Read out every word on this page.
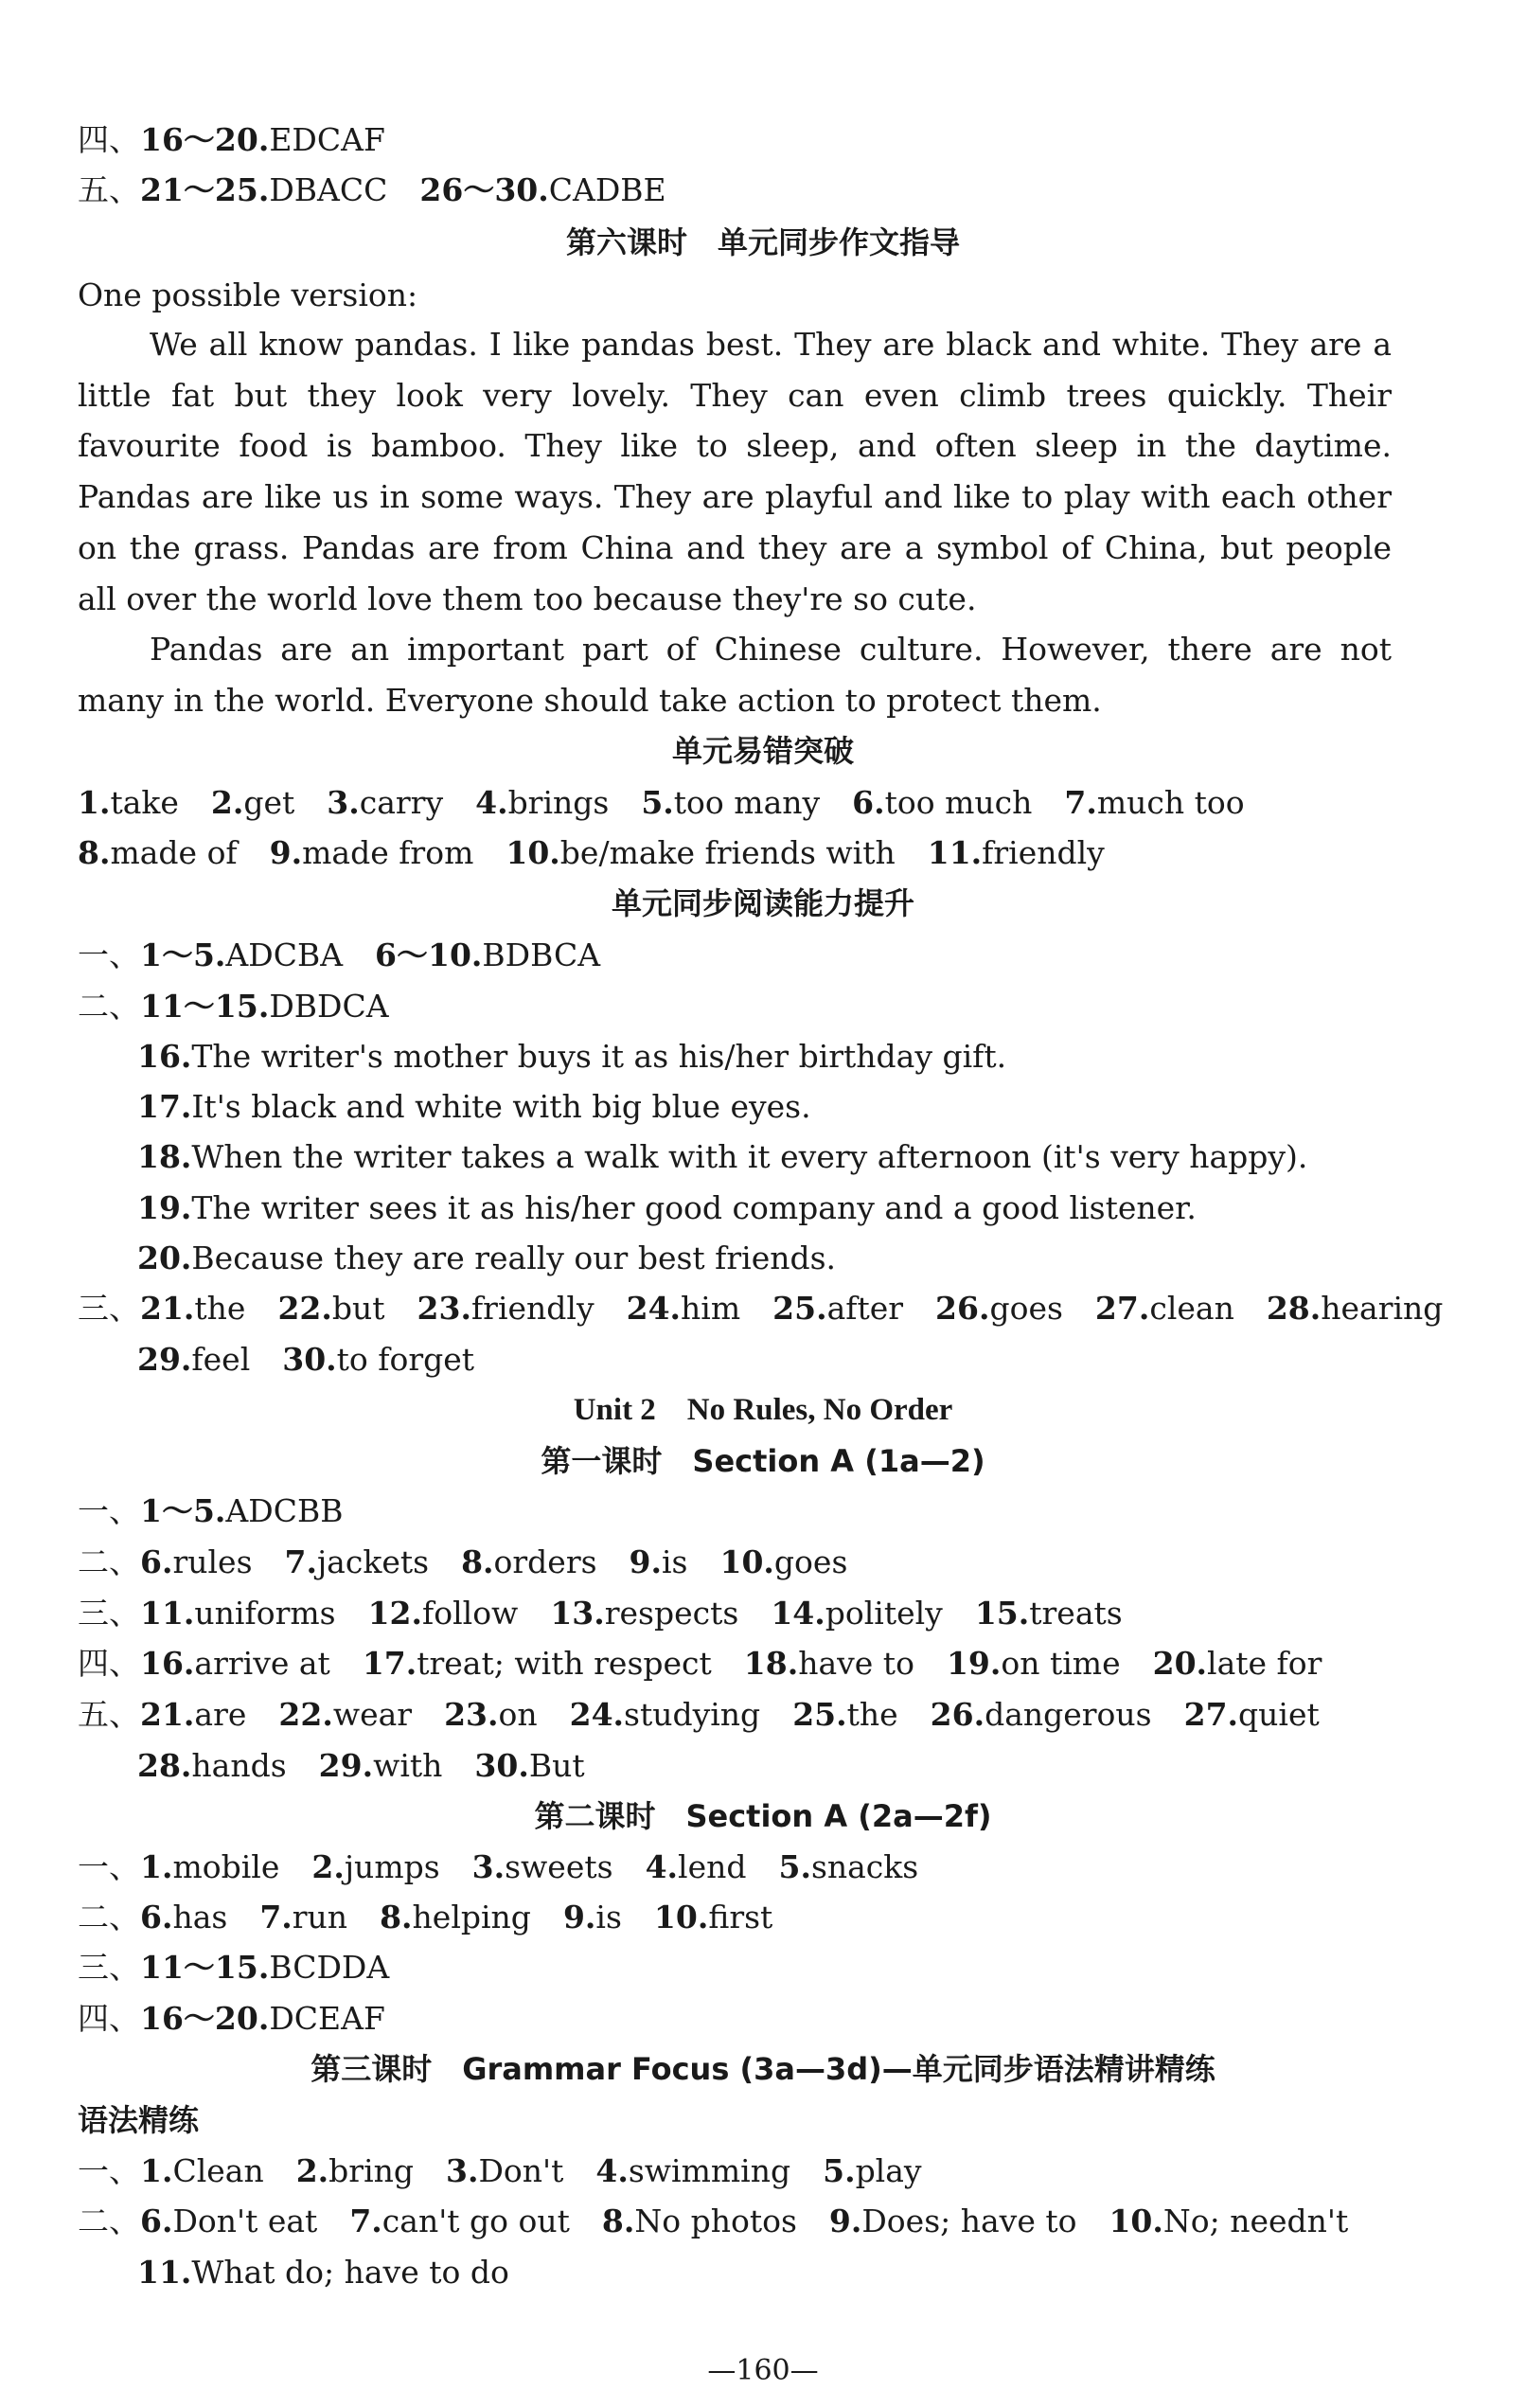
四、16～20.EDCAF
五、21～25.DBACC 26～30.CADBE
第六课时　单元同步作文指导
One possible version:
We all know pandas. I like pandas best. They are black and white. They are a little fat but they look very lovely. They can even climb trees quickly. Their favourite food is bamboo. They like to sleep, and often sleep in the daytime. Pandas are like us in some ways. They are playful and like to play with each other on the grass. Pandas are from China and they are a symbol of China, but people all over the world love them too because they're so cute.
Pandas are an important part of Chinese culture. However, there are not many in the world. Everyone should take action to protect them.
单元易错突破
1.take 2.get 3.carry 4.brings 5.too many 6.too much 7.much too
8.made of 9.made from 10.be/make friends with 11.friendly
单元同步阅读能力提升
一、1～5.ADCBA 6～10.BDBCA
二、11～15.DBDCA
16.The writer's mother buys it as his/her birthday gift.
17.It's black and white with big blue eyes.
18.When the writer takes a walk with it every afternoon (it's very happy).
19.The writer sees it as his/her good company and a good listener.
20.Because they are really our best friends.
三、21.the 22.but 23.friendly 24.him 25.after 26.goes 27.clean 28.hearing
29.feel 30.to forget
Unit 2　No Rules, No Order
第一课时　Section A (1a—2)
一、1～5.ADCBB
二、6.rules 7.jackets 8.orders 9.is 10.goes
三、11.uniforms 12.follow 13.respects 14.politely 15.treats
四、16.arrive at 17.treat; with respect 18.have to 19.on time 20.late for
五、21.are 22.wear 23.on 24.studying 25.the 26.dangerous 27.quiet
28.hands 29.with 30.But
第二课时　Section A (2a—2f)
一、1.mobile 2.jumps 3.sweets 4.lend 5.snacks
二、6.has 7.run 8.helping 9.is 10.first
三、11～15.BCDDA
四、16～20.DCEAF
第三课时　Grammar Focus (3a—3d)—单元同步语法精讲精练
语法精练
一、1.Clean 2.bring 3.Don't 4.swimming 5.play
二、6.Don't eat 7.can't go out 8.No photos 9.Does; have to 10.No; needn't
11.What do; have to do
—160—
